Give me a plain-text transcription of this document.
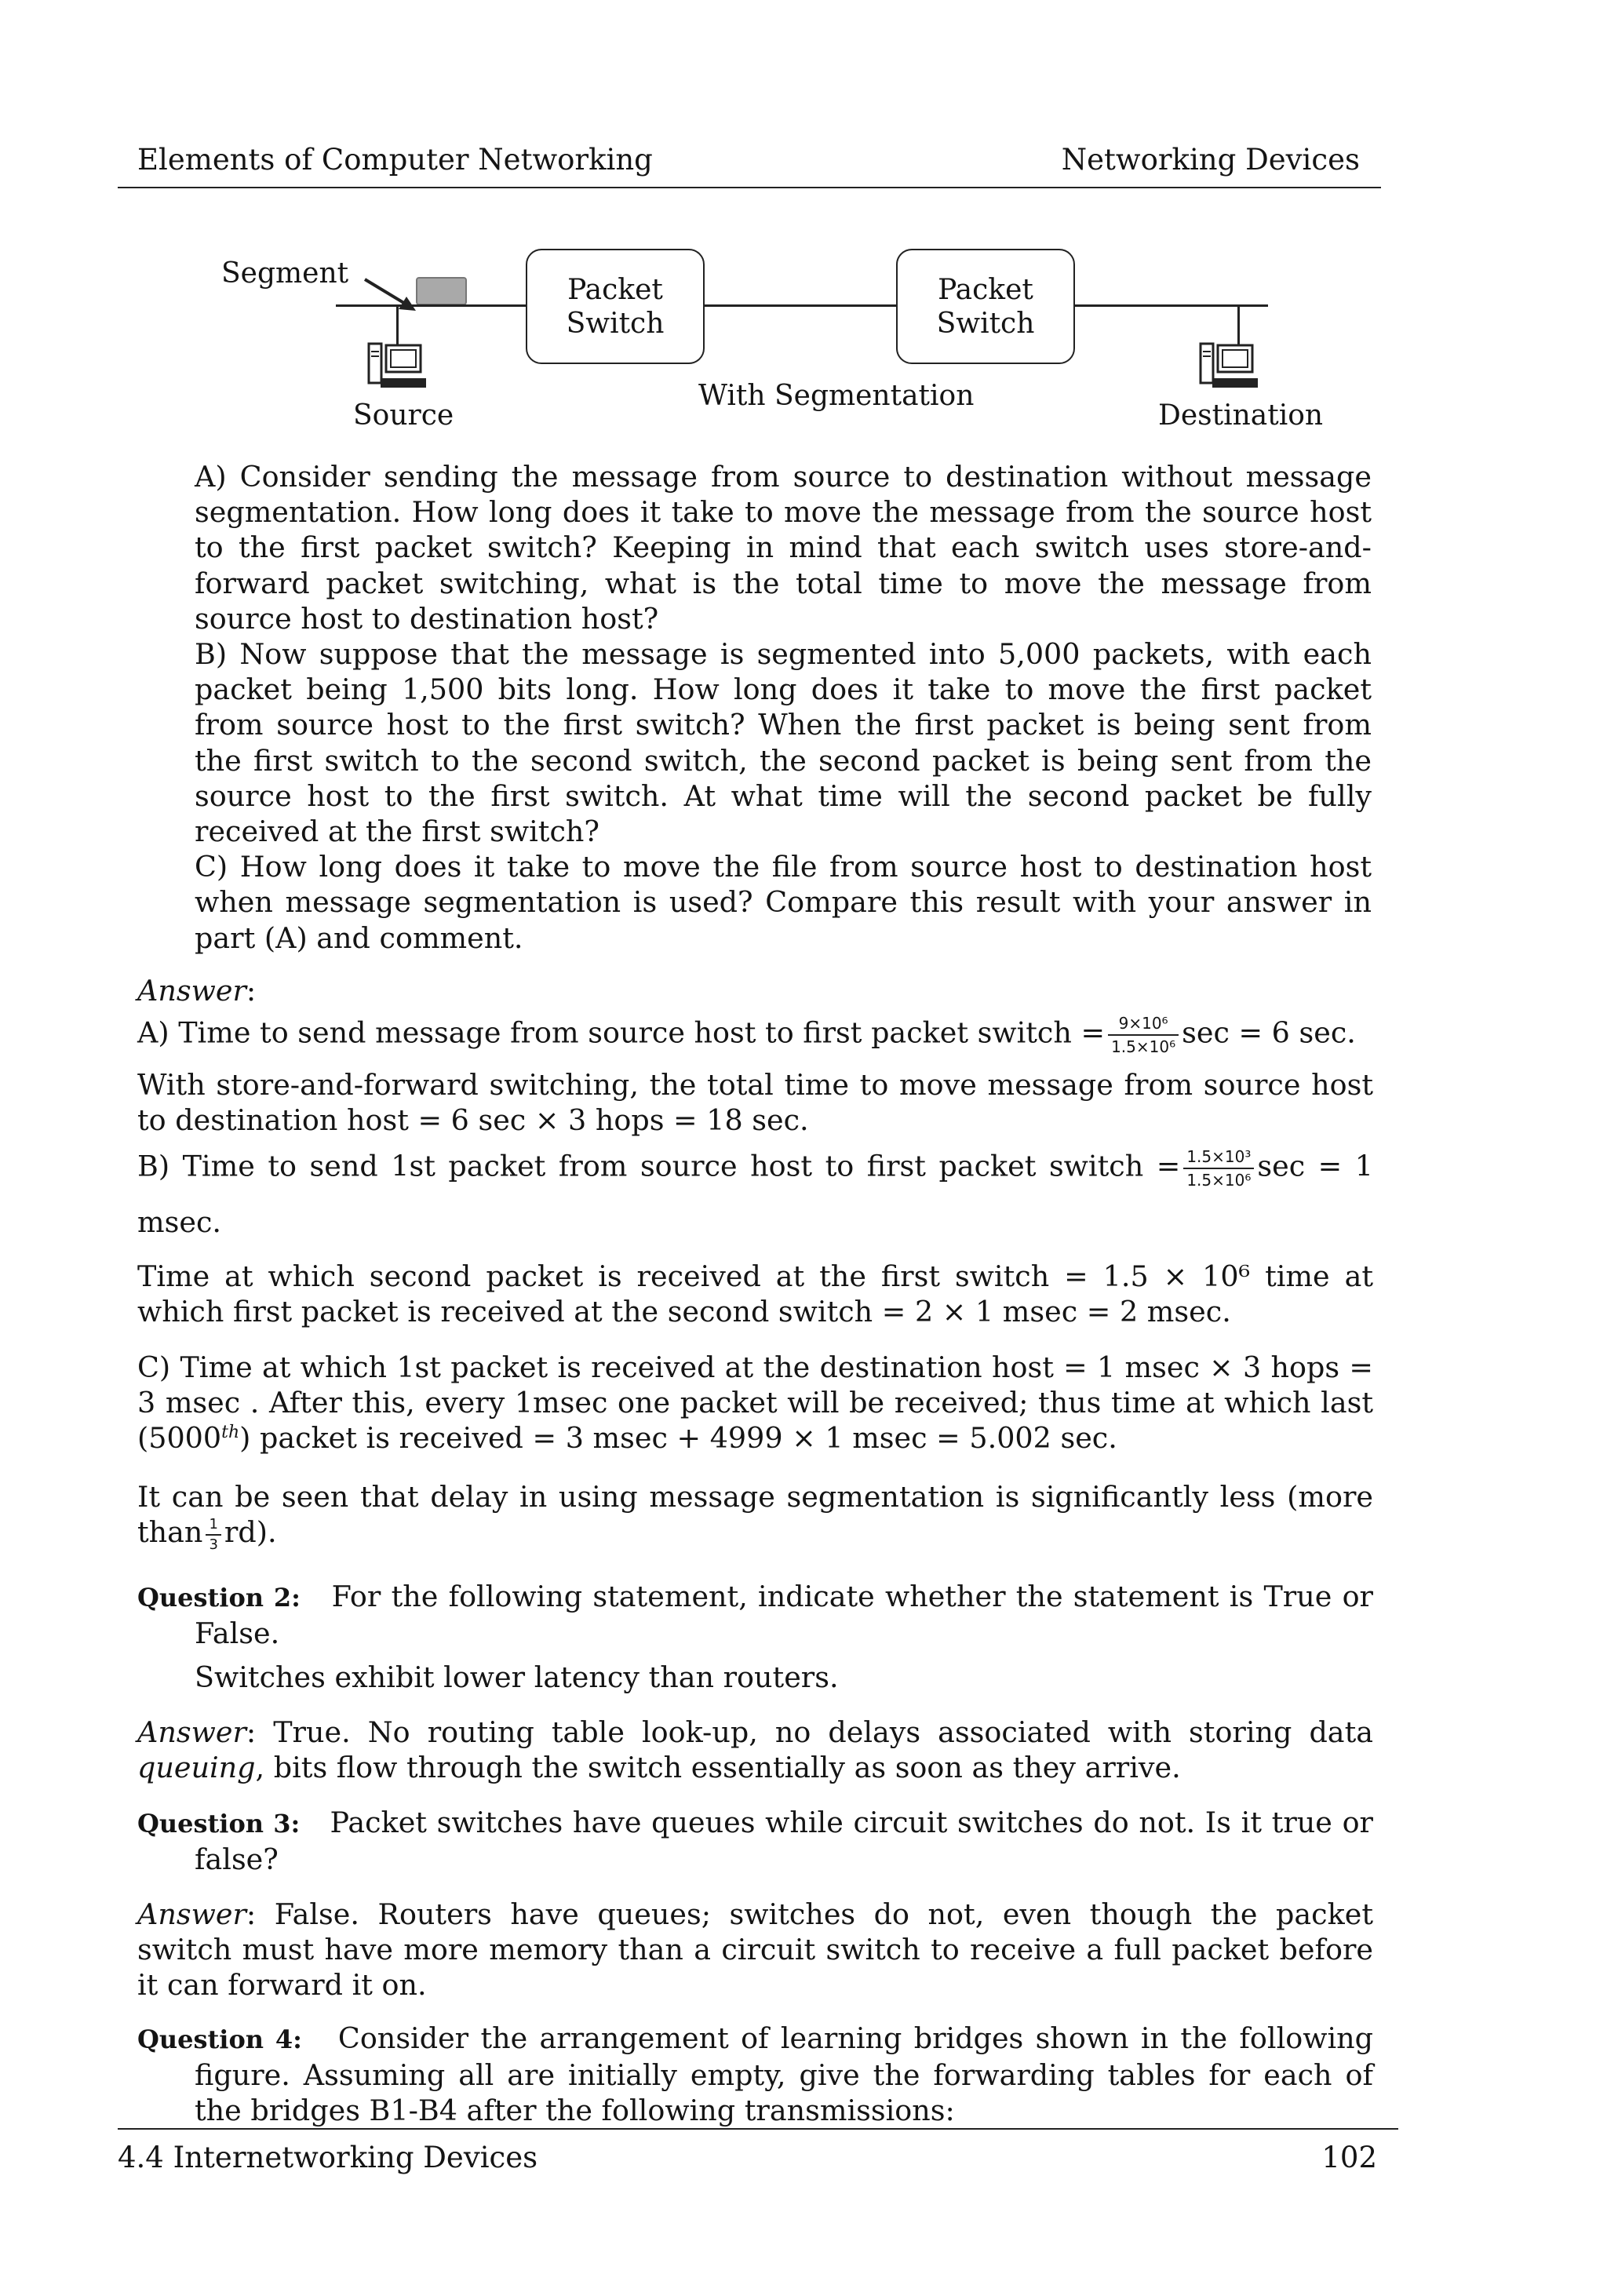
Elements of Computer Networking	Networking Devices
Segment	Packet
Switch
Packet
Switch
Source
With Segmentation
Destination
A) Consider sending the message from source to destination without message segmentation. How long does it take to move the message from the source host to the first packet switch? Keeping in mind that each switch uses store-and-forward packet switching, what is the total time to move the message from source host to destination host?
B) Now suppose that the message is segmented into 5,000 packets, with each packet being 1,500 bits long. How long does it take to move the first packet from source host to the first switch? When the first packet is being sent from the first switch to the second switch, the second packet is being sent from the source host to the first switch. At what time will the second packet be fully received at the first switch?
C) How long does it take to move the file from source host to destination host when message segmentation is used? Compare this result with your answer in part (A) and comment.
Answer:
A) Time to send message from source host to first packet switch = $\frac{\text{9×10⁶}}{\text{1.5×10⁶}}$ sec = 6 sec.
With store-and-forward switching, the total time to move message from source host to destination host = 6 sec × 3 hops = 18 sec.
B) Time to send 1st packet from source host to first packet switch = $\frac{\text{1.5×10³}}{\text{1.5×10⁶}}$ sec = 1
msec.
Time at which second packet is received at the first switch = 1.5 × 10⁶ time at which first packet is received at the second switch = 2 × 1 msec = 2 msec.
C) Time at which 1st packet is received at the destination host = 1 msec × 3 hops = 3 msec . After this, every 1msec one packet will be received; thus time at which last (5000th) packet is received = 3 msec + 4999 × 1 msec = 5.002 sec.
It can be seen that delay in using message segmentation is significantly less (more than $\frac{1}{3} rd$).
Question 2: For the following statement, indicate whether the statement is True or False.
Switches exhibit lower latency than routers.
Answer: True. No routing table look-up, no delays associated with storing data queuing, bits flow through the switch essentially as soon as they arrive.
Question 3: Packet switches have queues while circuit switches do not. Is it true or false?
Answer: False. Routers have queues; switches do not, even though the packet switch must have more memory than a circuit switch to receive a full packet before it can forward it on.
Question 4: Consider the arrangement of learning bridges shown in the following figure. Assuming all are initially empty, give the forwarding tables for each of the bridges B1-B4 after the following transmissions:
4.4 Internetworking Devices	102
